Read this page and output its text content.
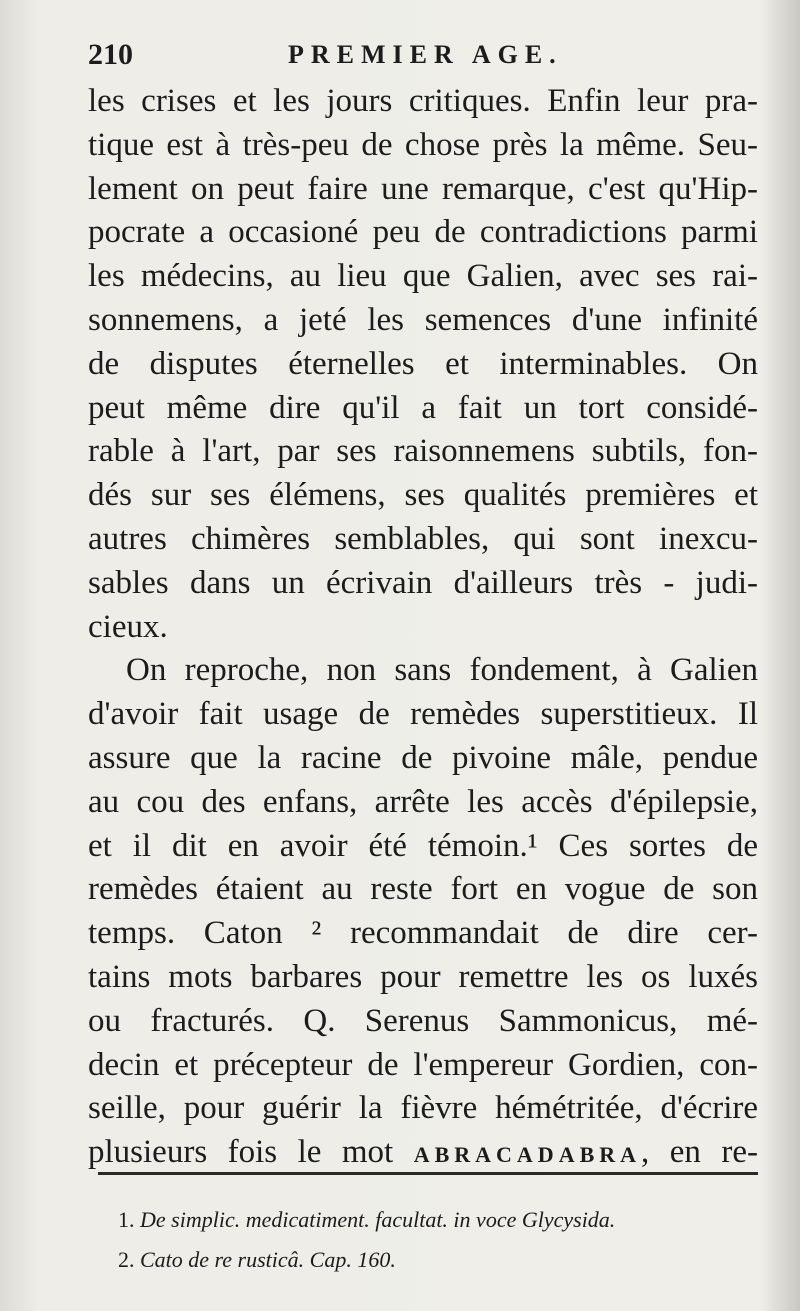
210	PREMIER AGE.
les crises et les jours critiques. Enfin leur pra-
tique est à très-peu de chose près la même. Seu-
lement on peut faire une remarque, c'est qu'Hip-
pocrate a occasioné peu de contradictions parmi
les médecins, au lieu que Galien, avec ses rai-
sonnemens, a jeté les semences d'une infinité
de disputes éternelles et interminables. On
peut même dire qu'il a fait un tort considé-
rable à l'art, par ses raisonnemens subtils, fon-
dés sur ses élémens, ses qualités premières et
autres chimères semblables, qui sont inexcu-
sables dans un écrivain d'ailleurs très - judi-
cieux.
On reproche, non sans fondement, à Galien
d'avoir fait usage de remèdes superstitieux. Il
assure que la racine de pivoine mâle, pendue
au cou des enfans, arrête les accès d'épilepsie,
et il dit en avoir été témoin.¹ Ces sortes de
remèdes étaient au reste fort en vogue de son
temps. Caton ² recommandait de dire cer-
tains mots barbares pour remettre les os luxés
ou fracturés. Q. Serenus Sammonicus, mé-
decin et précepteur de l'empereur Gordien, con-
seille, pour guérir la fièvre hémétritée, d'écrire
plusieurs fois le mot ABRACADABRA, en re-
1. De simplic. medicatiment. facultat. in voce Glycysida.
2. Cato de re rusticâ. Cap. 160.
